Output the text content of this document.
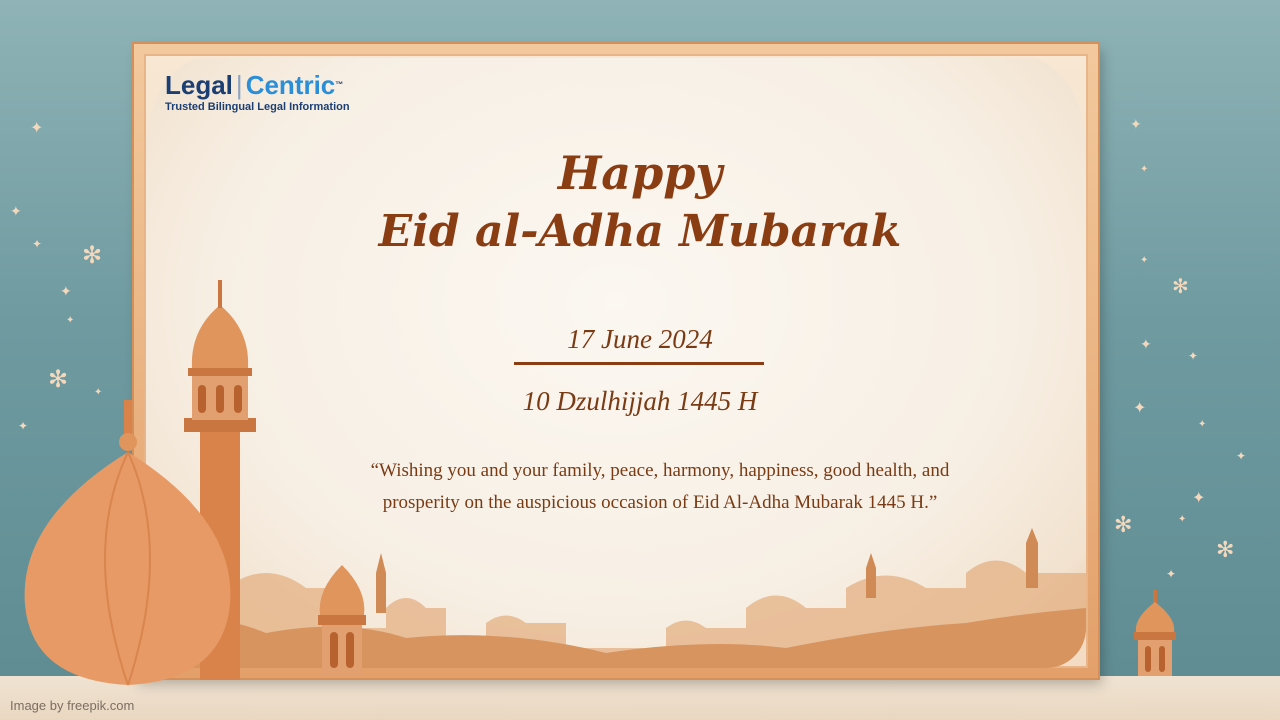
✦
✦
✦ ✻
✦
✦
✻	✦
✦
✦
✦
✻
✦
✦
✦
✦
✦
✦
✦
✦
✻
✻
✦
Legal | Centric™
Trusted Bilingual Legal Information
Happy
Eid al-Adha Mubarak
17 June 2024
10 Dzulhijjah 1445 H
“Wishing you and your family, peace, harmony, happiness, good health, and
prosperity on the auspicious occasion of Eid Al-Adha Mubarak 1445 H.”
Image by freepik.com
